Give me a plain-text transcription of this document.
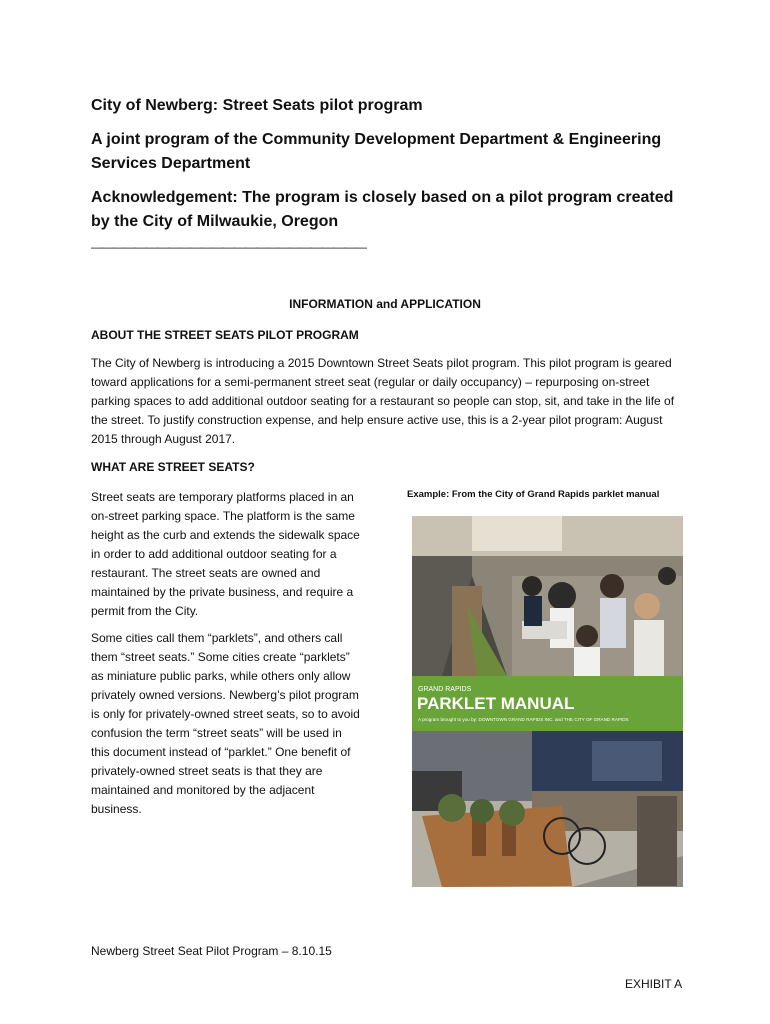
City of Newberg: Street Seats pilot program
A joint program of the Community Development Department & Engineering Services Department
Acknowledgement: The program is closely based on a pilot program created by the City of Milwaukie, Oregon
—————————————————————————
INFORMATION and APPLICATION
ABOUT THE STREET SEATS PILOT PROGRAM
The City of Newberg is introducing a 2015 Downtown Street Seats pilot program. This pilot program is geared toward applications for a semi-permanent street seat (regular or daily occupancy) – repurposing on-street parking spaces to add additional outdoor seating for a restaurant so people can stop, sit, and take in the life of the street. To justify construction expense, and help ensure active use, this is a 2-year pilot program: August 2015 through August 2017.
WHAT ARE STREET SEATS?
Street seats are temporary platforms placed in an on-street parking space. The platform is the same height as the curb and extends the sidewalk space in order to add additional outdoor seating for a restaurant. The street seats are owned and maintained by the private business, and require a permit from the City.
Some cities call them “parklets”, and others call them “street seats.” Some cities create “parklets” as miniature public parks, while others only allow privately owned versions. Newberg’s pilot program is only for privately-owned street seats, so to avoid confusion the term “street seats” will be used in this document instead of “parklet.” One benefit of privately-owned street seats is that they are maintained and monitored by the adjacent business.
Example: From the City of Grand Rapids parklet manual
GRAND RAPIDS
PARKLET MANUAL
A program brought to you by: DOWNTOWN GRAND RAPIDS INC. and THE CITY OF GRAND RAPIDS
Newberg Street Seat Pilot Program – 8.10.15
EXHIBIT A
